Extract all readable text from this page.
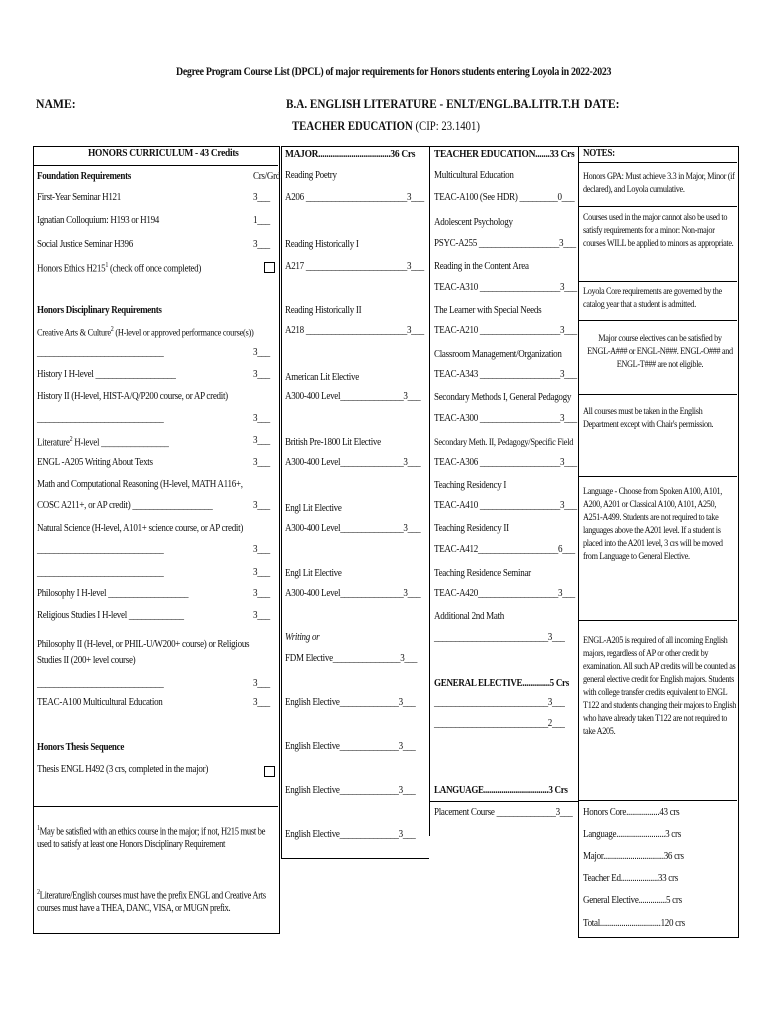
Degree Program Course List (DPCL) of major requirements for Honors students entering Loyola in 2022-2023
NAME:	B.A. ENGLISH LITERATURE - ENLT/ENGL.BA.LITR.T.H DATE:
TEACHER EDUCATION (CIP: 23.1401)
HONORS CURRICULUM - 43 Credits
Foundation Requirements	Crs/Grd
First-Year Seminar H121	3___
Ignatian Colloquium: H193 or H194	1___
Social Justice Seminar H396	3___
Honors Ethics $H215^1$ (check off once completed)
Honors Disciplinary Requirements
Creative Arts & Culture$^2$ (H-level or approved performance course(s))
______________________________	3___
History I H-level ___________________	3___
History II (H-level, HIST-A/Q/P200 course, or AP credit)
______________________________	3___
Literature$^2$ H-level ________________	3___
ENGL -A205 Writing About Texts	3___
Math and Computational Reasoning (H-level, MATH A116+,
COSC A211+, or AP credit) ___________________	3___
Natural Science (H-level, A101+ science course, or AP credit)
______________________________	3___
______________________________	3___
Philosophy I H-level ___________________	3___
Religious Studies I H-level _____________	3___
Philosophy II (H-level, or PHIL-U/W200+ course) or Religious
Studies II (200+ level course)
______________________________	3___
TEAC-A100 Multicultural Education	3___
Honors Thesis Sequence
Thesis ENGL H492 (3 crs, completed in the major)
$^1$May be satisfied with an ethics course in the major; if not, H215 must be used to satisfy at least one Honors Disciplinary Requirement
$^2$Literature/English courses must have the prefix ENGL and Creative Arts courses must have a THEA, DANC, VISA, or MUGN prefix.
MAJOR...................................36 Crs
Reading Poetry
A206 ________________________3___
Reading Historically I
A217 ________________________3___
Reading Historically II
A218 ________________________3___
American Lit Elective
A300-400 Level_______________3___
British Pre-1800 Lit Elective
A300-400 Level_______________3___
Engl Lit Elective
A300-400 Level_______________3___
Engl Lit Elective
A300-400 Level_______________3___
Writing or
FDM Elective________________3___
English Elective______________3___
English Elective______________3___
English Elective______________3___
English Elective______________3___
TEACHER EDUCATION.......33 Crs
Multicultural Education
TEAC-A100 (See HDR) _________0___
Adolescent Psychology
PSYC-A255 ___________________3___
Reading in the Content Area
TEAC-A310 ___________________3___
The Learner with Special Needs
TEAC-A210 ___________________3___
Classroom Management/Organization
TEAC-A343 ___________________3___
Secondary Methods I, General Pedagogy
TEAC-A300 ___________________3___
Secondary Meth. II, Pedagogy/Specific Field
TEAC-A306 ___________________3___
Teaching Residency I
TEAC-A410 ___________________3___
Teaching Residency II
TEAC-A412___________________6___
Teaching Residence Seminar
TEAC-A420___________________3___
Additional 2nd Math
___________________________3___
GENERAL ELECTIVE..............5 Crs
___________________________3___
___________________________2___
LANGUAGE.................................3 Crs
Placement Course ______________3___
NOTES:
Honors GPA: Must achieve 3.3 in Major, Minor (if declared), and Loyola cumulative.
Courses used in the major cannot also be used to satisfy requirements for a minor: Non-major courses WILL be applied to minors as appropriate.
Loyola Core requirements are governed by the catalog year that a student is admitted.
Major course electives can be satisfied by ENGL-A### or ENGL-N###. ENGL-O### and ENGL-T### are not eligible.
All courses must be taken in the English Department except with Chair's permission.
Language - Choose from Spoken A100, A101, A200, A201 or Classical A100, A101, A250, A251-A499. Students are not required to take languages above the A201 level. If a student is placed into the A201 level, 3 crs will be moved from Language to General Elective.
ENGL-A205 is required of all incoming English majors, regardless of AP or other credit by examination. All such AP credits will be counted as general elective credit for English majors. Students with college transfer credits equivalent to ENGL T122 and students changing their majors to English who have already taken T122 are not required to take A205.
Honors Core.................43 crs
Language.........................3 crs
Major...............................36 crs
Teacher Ed...................33 crs
General Elective..............5 crs
Total...............................120 crs
